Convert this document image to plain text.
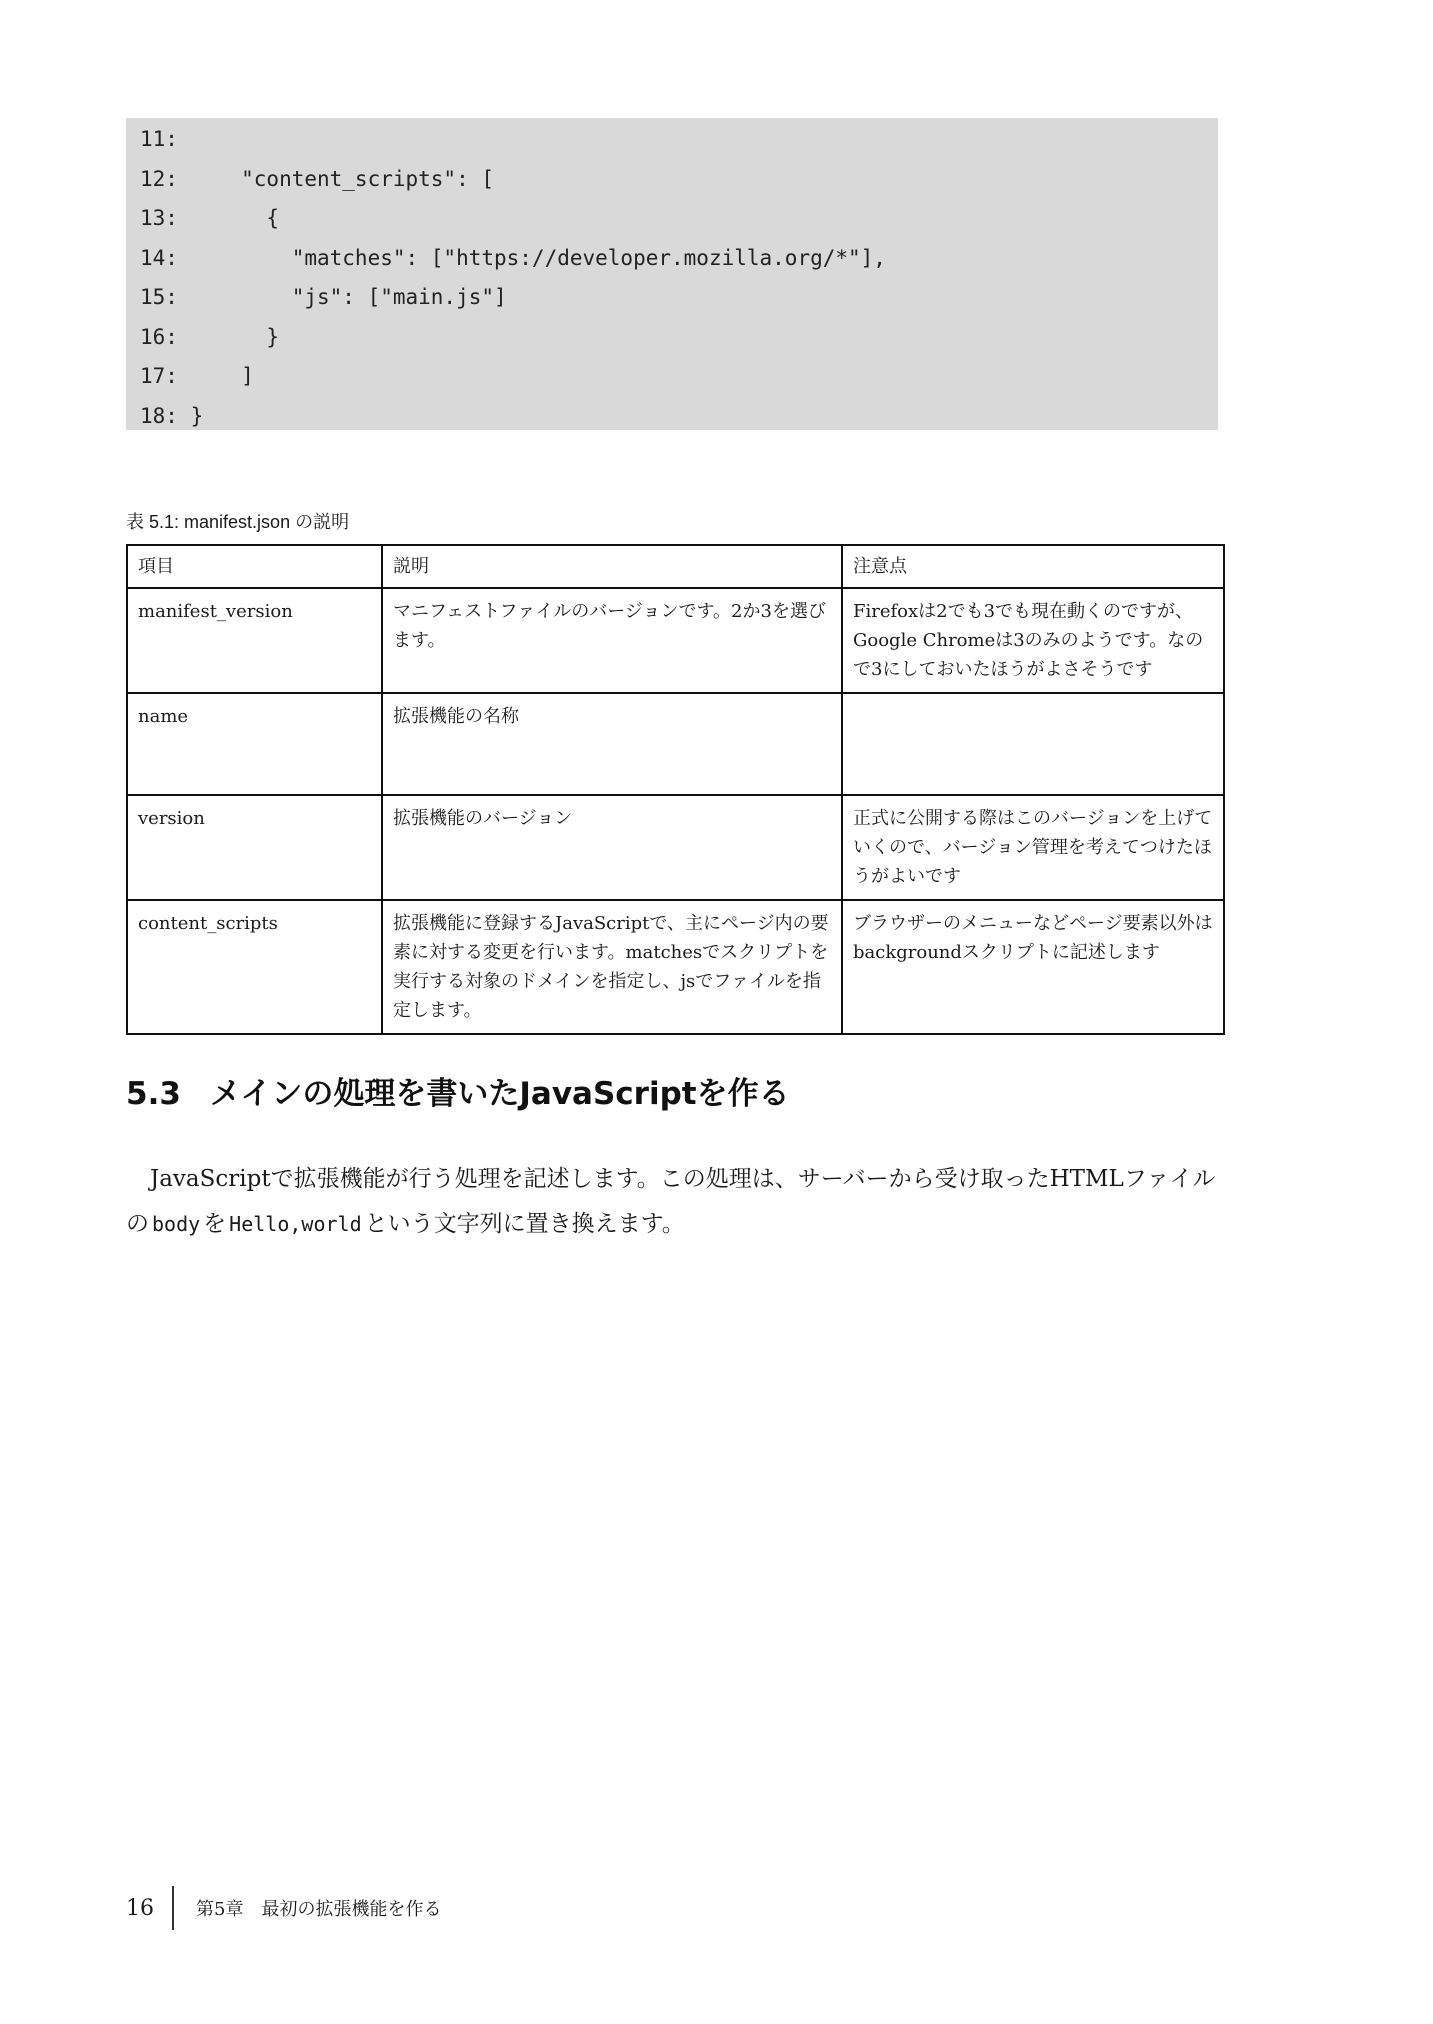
11:
12:     "content_scripts": [
13:       {
14:         "matches": ["https://developer.mozilla.org/*"],
15:         "js": ["main.js"]
16:       }
17:     ]
18: }
表 5.1: manifest.json の説明
項目	説明	注意点
manifest_version	マニフェストファイルのバージョンです。2か3を選びます。	Firefoxは2でも3でも現在動くのですが、Google Chromeは3のみのようです。なので3にしておいたほうがよさそうです
name	拡張機能の名称	
version	拡張機能のバージョン	正式に公開する際はこのバージョンを上げていくので、バージョン管理を考えてつけたほうがよいです
content_scripts	拡張機能に登録するJavaScriptで、主にページ内の要素に対する変更を行います。matchesでスクリプトを実行する対象のドメインを指定し、jsでファイルを指定します。	ブラウザーのメニューなどページ要素以外はbackgroundスクリプトに記述します
5.3 メインの処理を書いたJavaScriptを作る

JavaScriptで拡張機能が行う処理を記述します。この処理は、サーバーから受け取ったHTMLファイルの body を Hello,world という文字列に置き換えます。

16	第5章　最初の拡張機能を作る
